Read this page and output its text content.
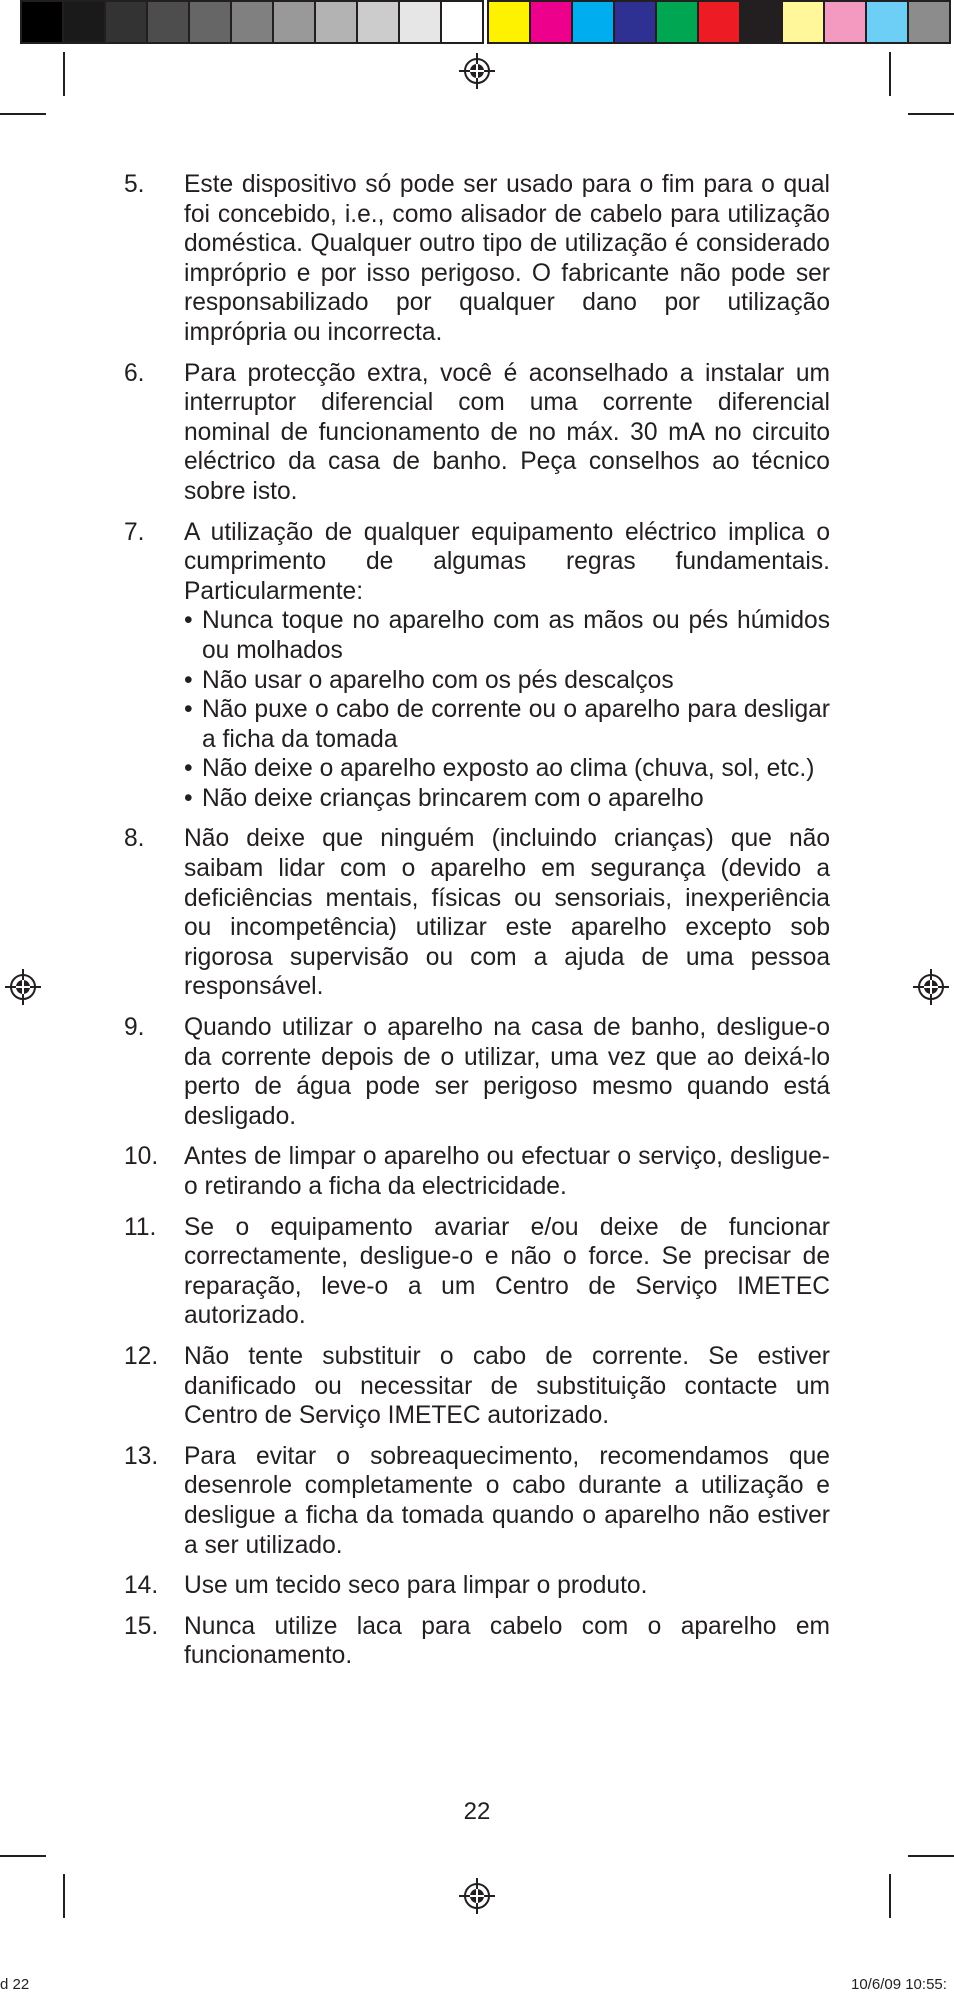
5.	Este dispositivo só pode ser usado para o fim para o qual foi concebido, i.e., como alisador de cabelo para utilização doméstica. Qualquer outro tipo de utilização é considerado impróprio e por isso perigoso. O fabricante não pode ser responsabilizado por qualquer dano por utilização imprópria ou incorrecta.
6.	Para protecção extra, você é aconselhado a instalar um interruptor diferencial com uma corrente diferencial nominal de funcionamento de no máx. 30 mA no circuito eléctrico da casa de banho. Peça conselhos ao técnico sobre isto.
7.	A utilização de qualquer equipamento eléctrico implica o cumprimento de algumas regras fundamentais. Particularmente:
• Nunca toque no aparelho com as mãos ou pés húmidos ou molhados
• Não usar o aparelho com os pés descalços
• Não puxe o cabo de corrente ou o aparelho para desligar a ficha da tomada
• Não deixe o aparelho exposto ao clima (chuva, sol, etc.)
• Não deixe crianças brincarem com o aparelho
8.	Não deixe que ninguém (incluindo crianças) que não saibam lidar com o aparelho em segurança (devido a deficiências mentais, físicas ou sensoriais, inexperiência ou incompetência) utilizar este aparelho excepto sob rigorosa supervisão ou com a ajuda de uma pessoa responsável.
9.	Quando utilizar o aparelho na casa de banho, desligue-o da corrente depois de o utilizar, uma vez que ao deixá-lo perto de água pode ser perigoso mesmo quando está desligado.
10.	Antes de limpar o aparelho ou efectuar o serviço, desligue-o retirando a ficha da electricidade.
11.	Se o equipamento avariar e/ou deixe de funcionar correctamente, desligue-o e não o force. Se precisar de reparação, leve-o a um Centro de Serviço IMETEC autorizado.
12.	Não tente substituir o cabo de corrente. Se estiver danificado ou necessitar de substituição contacte um Centro de Serviço IMETEC autorizado.
13.	Para evitar o sobreaquecimento, recomendamos que desenrole completamente o cabo durante a utilização e desligue a ficha da tomada quando o aparelho não estiver a ser utilizado.
14.	Use um tecido seco para limpar o produto.
15.	Nunca utilize laca para cabelo com o aparelho em funcionamento.
22
d 22	10/6/09 10:55:
